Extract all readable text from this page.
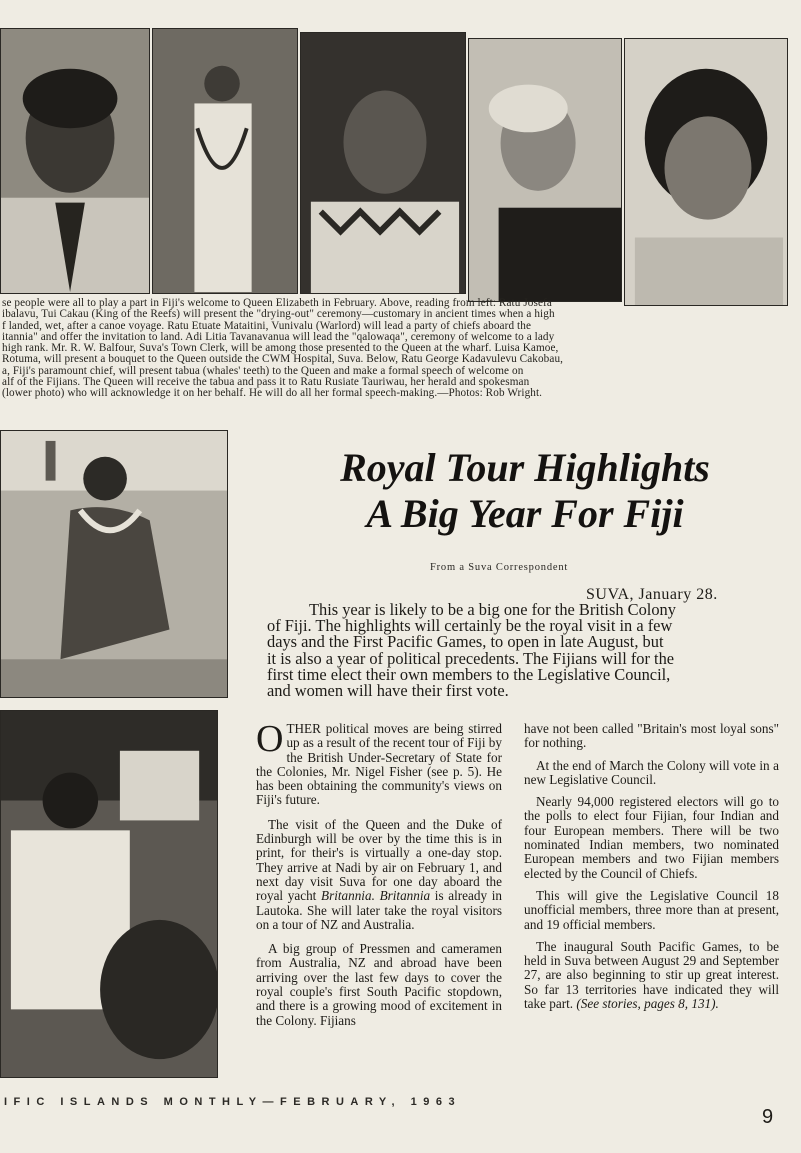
se people were all to play a part in Fiji's welcome to Queen Elizabeth in February. Above, reading from left: Ratu Josefa
ibalavu, Tui Cakau (King of the Reefs) will present the "drying-out" ceremony—customary in ancient times when a high
f landed, wet, after a canoe voyage. Ratu Etuate Mataitini, Vunivalu (Warlord) will lead a party of chiefs aboard the
itannia" and offer the invitation to land. Adi Litia Tavanavanua will lead the "qalowaqa", ceremony of welcome to a lady
high rank. Mr. R. W. Balfour, Suva's Town Clerk, will be among those presented to the Queen at the wharf. Luisa Kamoe,
Rotuma, will present a bouquet to the Queen outside the CWM Hospital, Suva. Below, Ratu George Kadavulevu Cakobau,
a, Fiji's paramount chief, will present tabua (whales' teeth) to the Queen and make a formal speech of welcome on
alf of the Fijians. The Queen will receive the tabua and pass it to Ratu Rusiate Tauriwau, her herald and spokesman
(lower photo) who will acknowledge it on her behalf. He will do all her formal speech-making.—Photos: Rob Wright.
Royal Tour Highlights
A Big Year For Fiji
From a Suva Correspondent
SUVA, January 28.
This year is likely to be a big one for the British Colony
of Fiji. The highlights will certainly be the royal visit in a few
days and the First Pacific Games, to open in late August, but
it is also a year of political precedents. The Fijians will for the
first time elect their own members to the Legislative Council,
and women will have their first vote.

OTHER political moves are being stirred up as a result of the recent tour of Fiji by the British Under-Secretary of State for the Colonies, Mr. Nigel Fisher (see p. 5). He has been obtaining the community's views on Fiji's future.

The visit of the Queen and the Duke of Edinburgh will be over by the time this is in print, for their's is virtually a one-day stop. They arrive at Nadi by air on February 1, and next day visit Suva for one day aboard the royal yacht Britannia. Britannia is already in Lautoka. She will later take the royal visitors on a tour of NZ and Australia.

A big group of Pressmen and cameramen from Australia, NZ and abroad have been arriving over the last few days to cover the royal couple's first South Pacific stopdown, and there is a growing mood of excitement in the Colony. Fijians

have not been called "Britain's most loyal sons" for nothing.

At the end of March the Colony will vote in a new Legislative Council.

Nearly 94,000 registered electors will go to the polls to elect four Fijian, four Indian and four European members. There will be two nominated Indian members, two nominated European members and two Fijian members elected by the Council of Chiefs.

This will give the Legislative Council 18 unofficial members, three more than at present, and 19 official members.

The inaugural South Pacific Games, to be held in Suva between August 29 and September 27, are also beginning to stir up great interest. So far 13 territories have indicated they will take part. (See stories, pages 8, 131).

IFIC ISLANDS MONTHLY—FEBRUARY, 1963
9
